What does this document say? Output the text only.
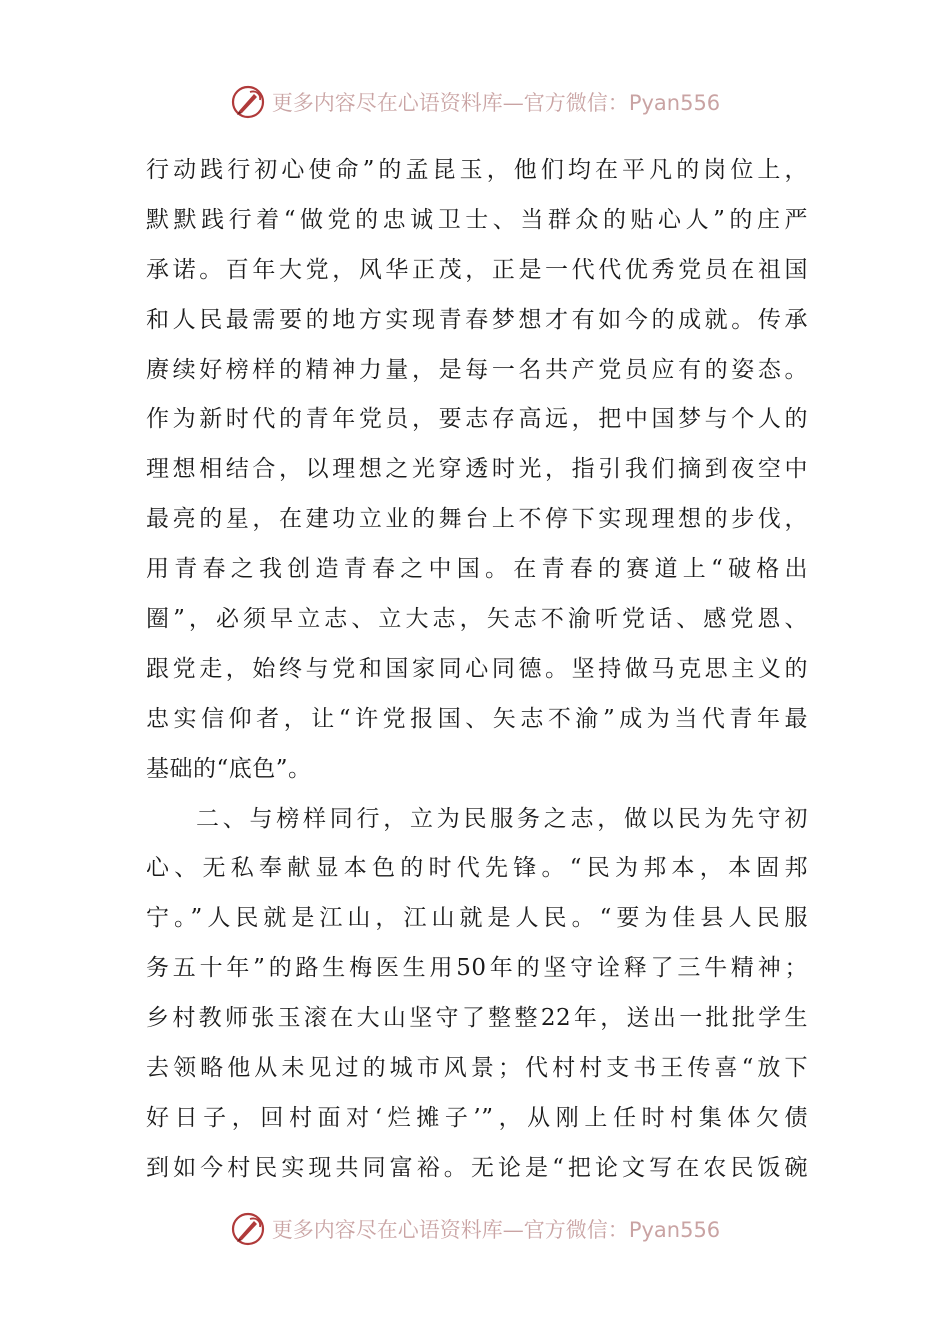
更多内容尽在心语资料库—官方微信：Pyan556
行动践行初心使命”的孟昆玉，他们均在平凡的岗位上，
默默践行着“做党的忠诚卫士、当群众的贴心人”的庄严
承诺。百年大党，风华正茂，正是一代代优秀党员在祖国
和人民最需要的地方实现青春梦想才有如今的成就。传承
赓续好榜样的精神力量，是每一名共产党员应有的姿态。
作为新时代的青年党员，要志存高远，把中国梦与个人的
理想相结合，以理想之光穿透时光，指引我们摘到夜空中
最亮的星，在建功立业的舞台上不停下实现理想的步伐，
用青春之我创造青春之中国。在青春的赛道上“破格出
圈”，必须早立志、立大志，矢志不渝听党话、感党恩、
跟党走，始终与党和国家同心同德。坚持做马克思主义的
忠实信仰者，让“许党报国、矢志不渝”成为当代青年最
基础的“底色”。
二、与榜样同行，立为民服务之志，做以民为先守初
心、无私奉献显本色的时代先锋。“民为邦本，本固邦
宁。”人民就是江山，江山就是人民。“要为佳县人民服
务五十年”的路生梅医生用50年的坚守诠释了三牛精神；
乡村教师张玉滚在大山坚守了整整22年，送出一批批学生
去领略他从未见过的城市风景；代村村支书王传喜“放下
好日子，回村面对‘烂摊子’”，从刚上任时村集体欠债
到如今村民实现共同富裕。无论是“把论文写在农民饭碗
更多内容尽在心语资料库—官方微信：Pyan556
